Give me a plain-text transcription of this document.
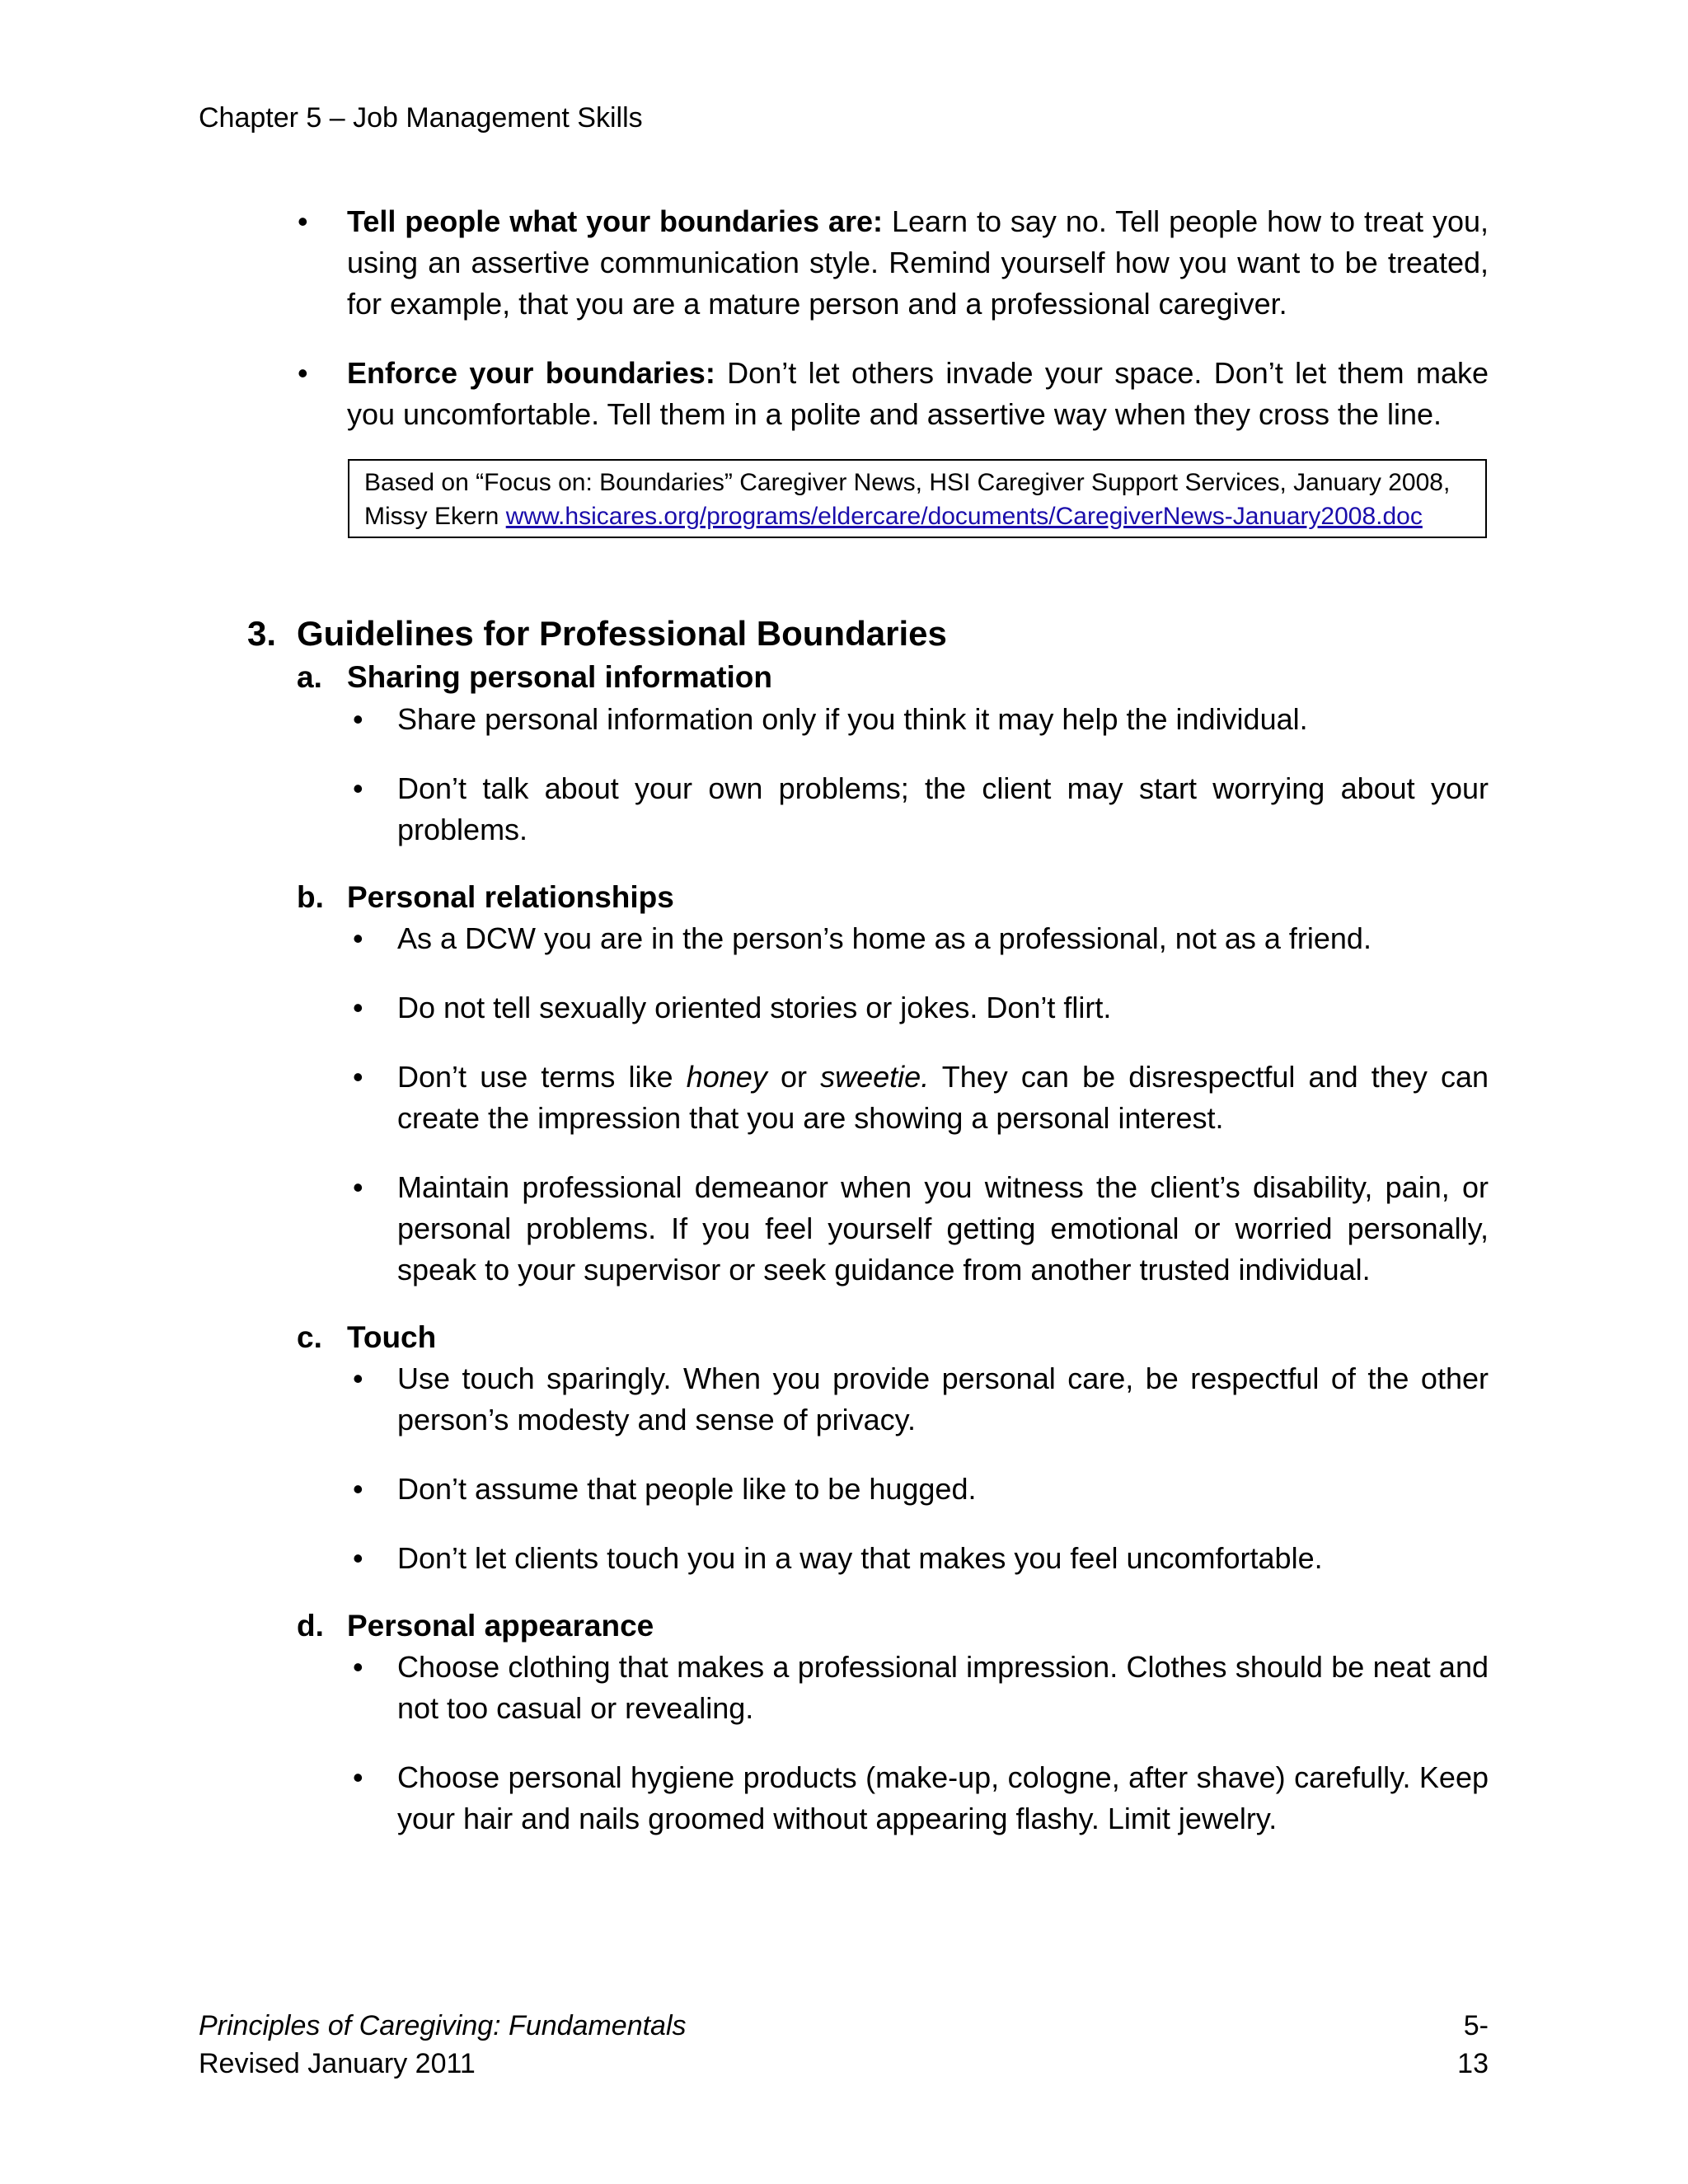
Chapter 5 – Job Management Skills
• Tell people what your boundaries are: Learn to say no. Tell people how to treat you, using an assertive communication style. Remind yourself how you want to be treated, for example, that you are a mature person and a professional caregiver.
• Enforce your boundaries: Don’t let others invade your space. Don’t let them make you uncomfortable. Tell them in a polite and assertive way when they cross the line.
Based on “Focus on: Boundaries” Caregiver News, HSI Caregiver Support Services, January 2008,
Missy Ekern www.hsicares.org/programs/eldercare/documents/CaregiverNews-January2008.doc
3. Guidelines for Professional Boundaries
a. Sharing personal information
• Share personal information only if you think it may help the individual.
• Don’t talk about your own problems; the client may start worrying about your problems.
b. Personal relationships
• As a DCW you are in the person’s home as a professional, not as a friend.
• Do not tell sexually oriented stories or jokes. Don’t flirt.
• Don’t use terms like honey or sweetie. They can be disrespectful and they can create the impression that you are showing a personal interest.
• Maintain professional demeanor when you witness the client’s disability, pain, or personal problems. If you feel yourself getting emotional or worried personally, speak to your supervisor or seek guidance from another trusted individual.
c. Touch
• Use touch sparingly. When you provide personal care, be respectful of the other person’s modesty and sense of privacy.
• Don’t assume that people like to be hugged.
• Don’t let clients touch you in a way that makes you feel uncomfortable.
d. Personal appearance
• Choose clothing that makes a professional impression. Clothes should be neat and not too casual or revealing.
• Choose personal hygiene products (make-up, cologne, after shave) carefully. Keep your hair and nails groomed without appearing flashy. Limit jewelry.
Principles of Caregiving: Fundamentals
Revised January 2011
5-13
